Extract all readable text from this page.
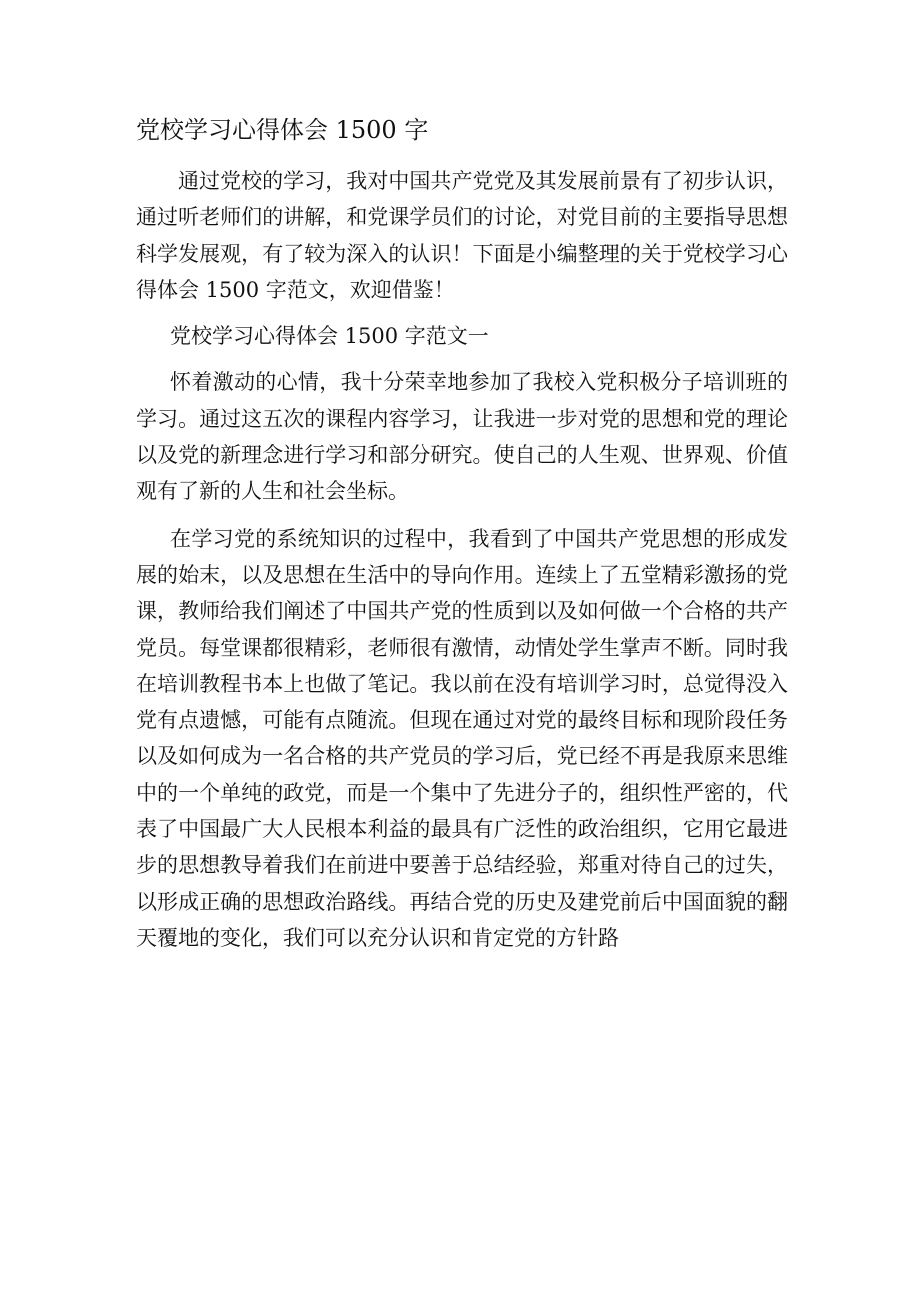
党校学习心得体会 1500 字

通过党校的学习，我对中国共产党党及其发展前景有了初步认识，通过听老师们的讲解，和党课学员们的讨论，对党目前的主要指导思想科学发展观，有了较为深入的认识！下面是小编整理的关于党校学习心得体会 1500 字范文，欢迎借鉴！

党校学习心得体会 1500 字范文一

怀着激动的心情，我十分荣幸地参加了我校入党积极分子培训班的学习。通过这五次的课程内容学习，让我进一步对党的思想和党的理论以及党的新理念进行学习和部分研究。使自己的人生观、世界观、价值观有了新的人生和社会坐标。

在学习党的系统知识的过程中，我看到了中国共产党思想的形成发展的始末，以及思想在生活中的导向作用。连续上了五堂精彩激扬的党课，教师给我们阐述了中国共产党的性质到以及如何做一个合格的共产党员。每堂课都很精彩，老师很有激情，动情处学生掌声不断。同时我在培训教程书本上也做了笔记。我以前在没有培训学习时，总觉得没入党有点遗憾，可能有点随流。但现在通过对党的最终目标和现阶段任务以及如何成为一名合格的共产党员的学习后，党已经不再是我原来思维中的一个单纯的政党，而是一个集中了先进分子的，组织性严密的，代表了中国最广大人民根本利益的最具有广泛性的政治组织，它用它最进步的思想教导着我们在前进中要善于总结经验，郑重对待自己的过失，以形成正确的思想政治路线。再结合党的历史及建党前后中国面貌的翻天覆地的变化，我们可以充分认识和肯定党的方针路
